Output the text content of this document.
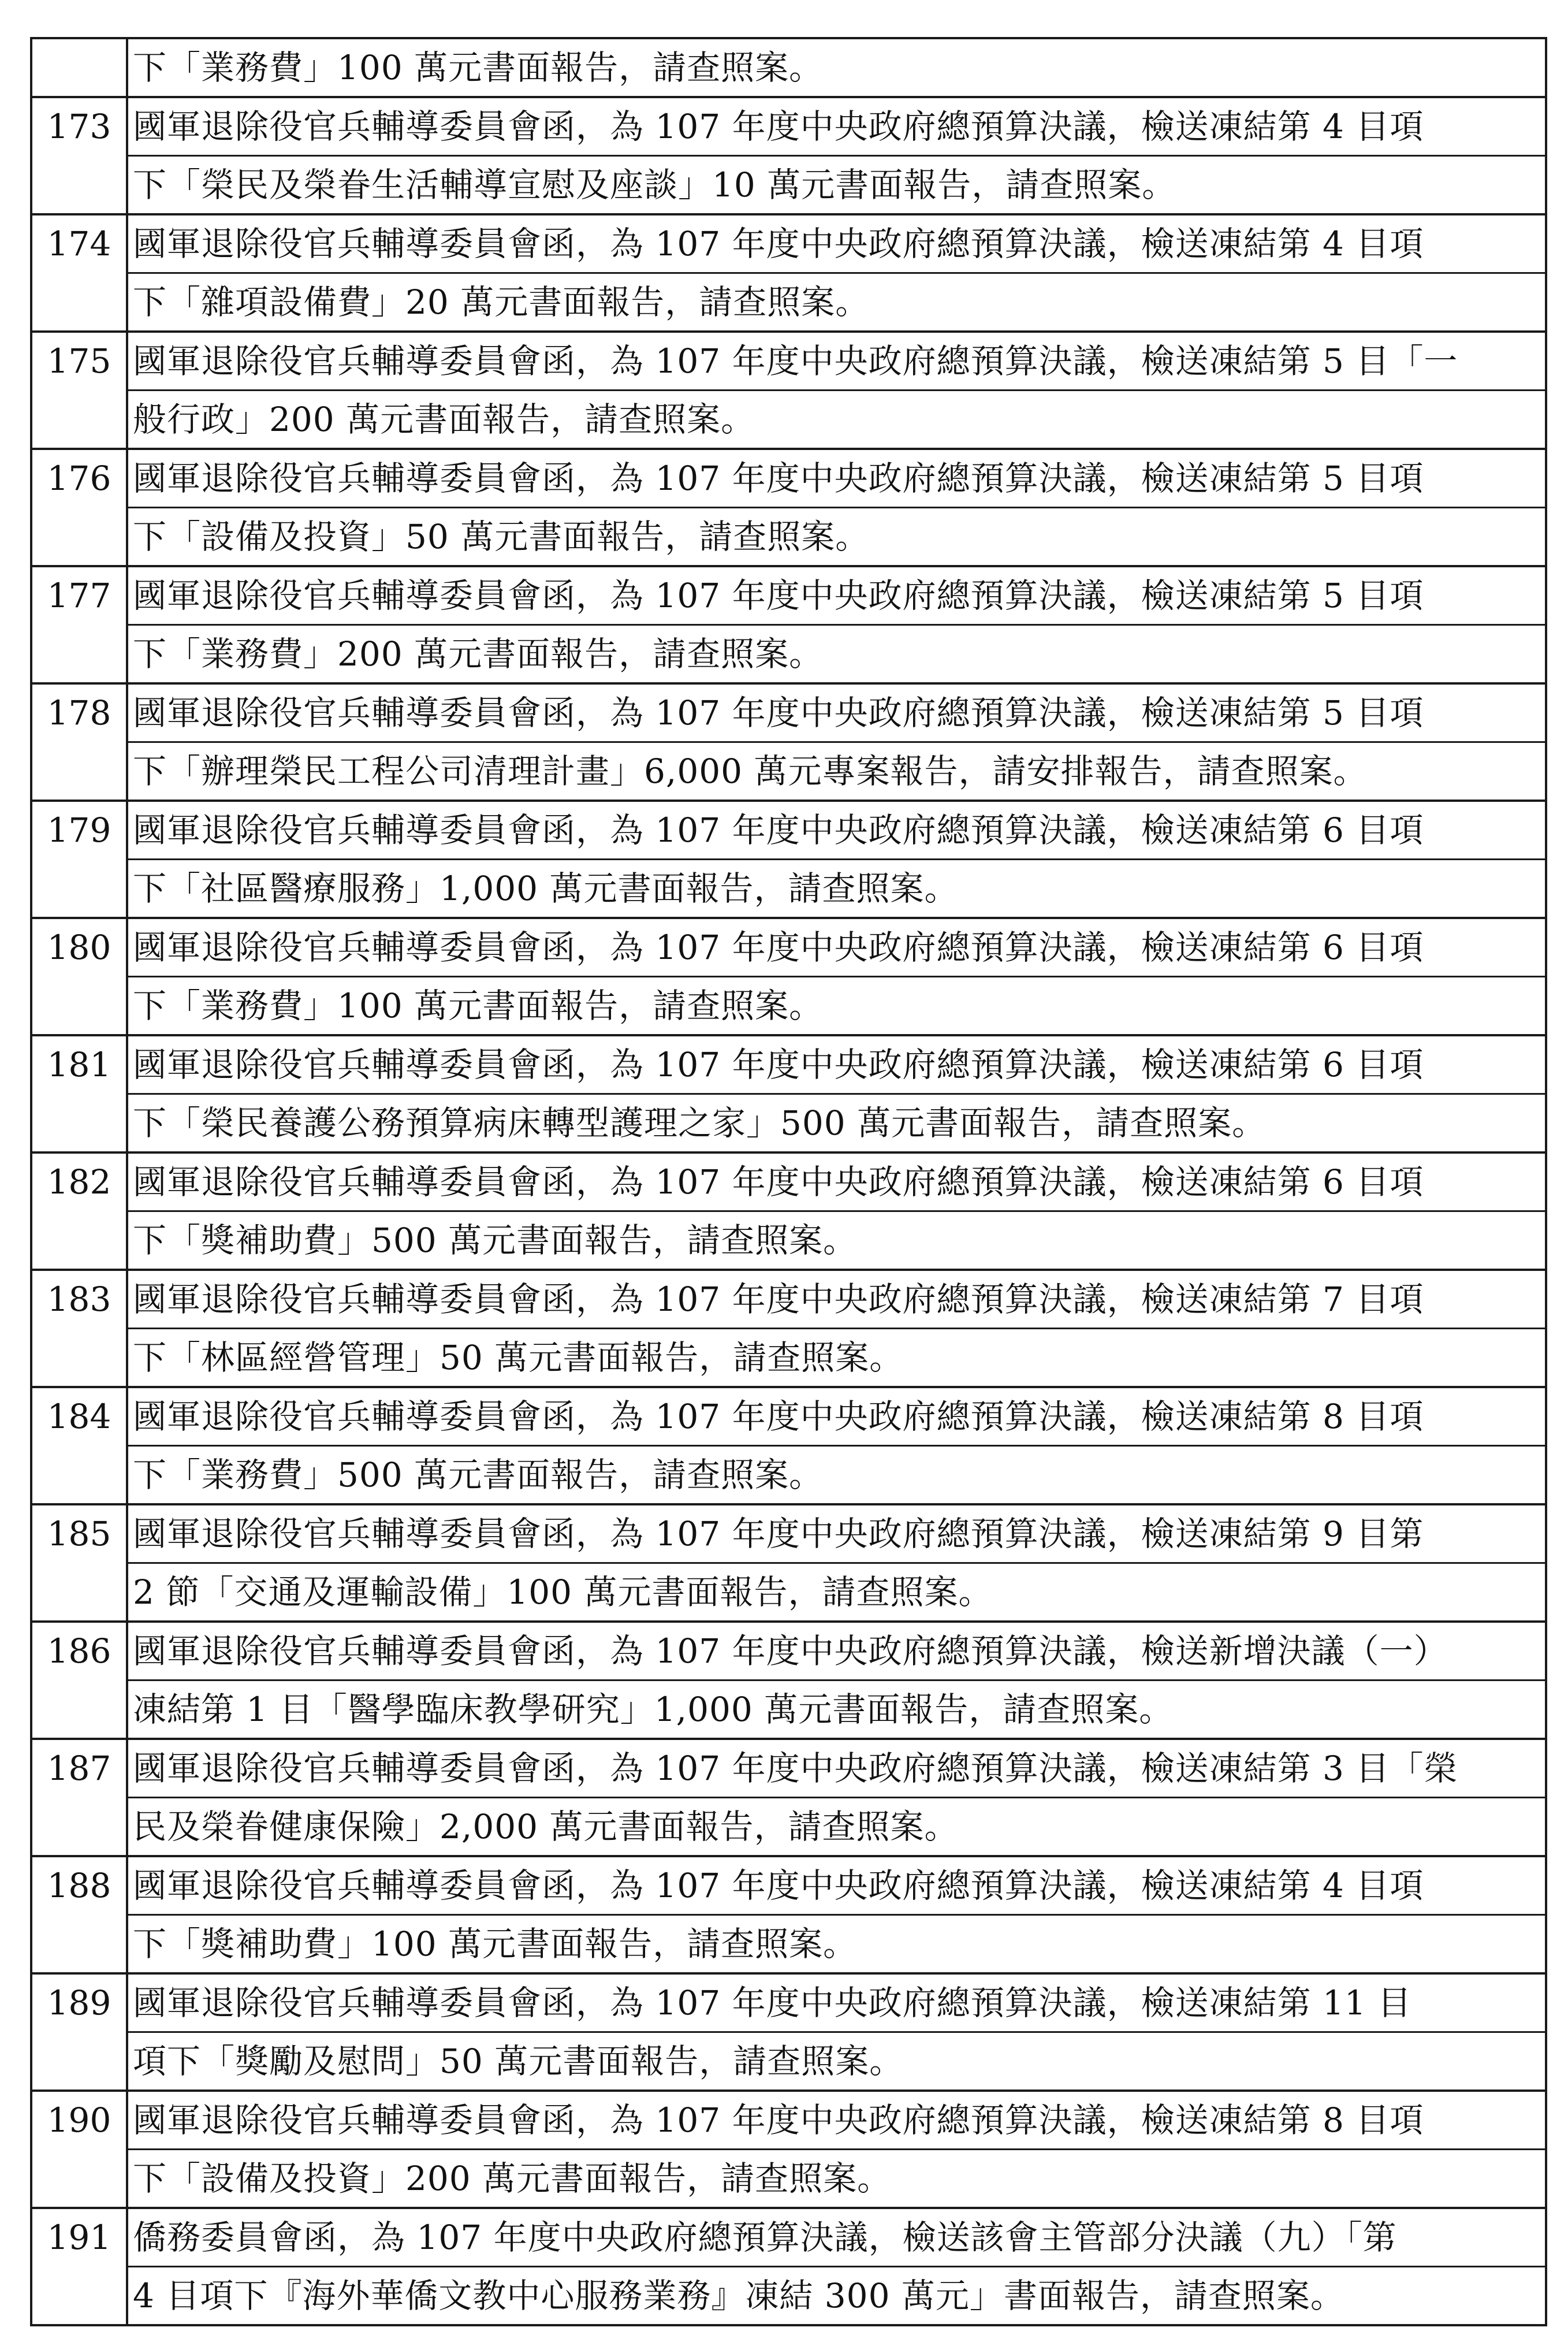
	下「業務費」100 萬元書面報告，請查照案。

173	國軍退除役官兵輔導委員會函，為 107 年度中央政府總預算決議，檢送凍結第 4 目項
下「榮民及榮眷生活輔導宣慰及座談」10 萬元書面報告，請查照案。

174	國軍退除役官兵輔導委員會函，為 107 年度中央政府總預算決議，檢送凍結第 4 目項
下「雜項設備費」20 萬元書面報告，請查照案。

175	國軍退除役官兵輔導委員會函，為 107 年度中央政府總預算決議，檢送凍結第 5 目「一
般行政」200 萬元書面報告，請查照案。

176	國軍退除役官兵輔導委員會函，為 107 年度中央政府總預算決議，檢送凍結第 5 目項
下「設備及投資」50 萬元書面報告，請查照案。

177	國軍退除役官兵輔導委員會函，為 107 年度中央政府總預算決議，檢送凍結第 5 目項
下「業務費」200 萬元書面報告，請查照案。

178	國軍退除役官兵輔導委員會函，為 107 年度中央政府總預算決議，檢送凍結第 5 目項
下「辦理榮民工程公司清理計畫」6,000 萬元專案報告，請安排報告，請查照案。

179	國軍退除役官兵輔導委員會函，為 107 年度中央政府總預算決議，檢送凍結第 6 目項
下「社區醫療服務」1,000 萬元書面報告，請查照案。

180	國軍退除役官兵輔導委員會函，為 107 年度中央政府總預算決議，檢送凍結第 6 目項
下「業務費」100 萬元書面報告，請查照案。

181	國軍退除役官兵輔導委員會函，為 107 年度中央政府總預算決議，檢送凍結第 6 目項
下「榮民養護公務預算病床轉型護理之家」500 萬元書面報告，請查照案。

182	國軍退除役官兵輔導委員會函，為 107 年度中央政府總預算決議，檢送凍結第 6 目項
下「獎補助費」500 萬元書面報告，請查照案。

183	國軍退除役官兵輔導委員會函，為 107 年度中央政府總預算決議，檢送凍結第 7 目項
下「林區經營管理」50 萬元書面報告，請查照案。

184	國軍退除役官兵輔導委員會函，為 107 年度中央政府總預算決議，檢送凍結第 8 目項
下「業務費」500 萬元書面報告，請查照案。

185	國軍退除役官兵輔導委員會函，為 107 年度中央政府總預算決議，檢送凍結第 9 目第
2 節「交通及運輸設備」100 萬元書面報告，請查照案。

186	國軍退除役官兵輔導委員會函，為 107 年度中央政府總預算決議，檢送新增決議（一）
凍結第 1 目「醫學臨床教學研究」1,000 萬元書面報告，請查照案。

187	國軍退除役官兵輔導委員會函，為 107 年度中央政府總預算決議，檢送凍結第 3 目「榮
民及榮眷健康保險」2,000 萬元書面報告，請查照案。

188	國軍退除役官兵輔導委員會函，為 107 年度中央政府總預算決議，檢送凍結第 4 目項
下「獎補助費」100 萬元書面報告，請查照案。

189	國軍退除役官兵輔導委員會函，為 107 年度中央政府總預算決議，檢送凍結第 11 目
項下「獎勵及慰問」50 萬元書面報告，請查照案。

190	國軍退除役官兵輔導委員會函，為 107 年度中央政府總預算決議，檢送凍結第 8 目項
下「設備及投資」200 萬元書面報告，請查照案。

191	僑務委員會函，為 107 年度中央政府總預算決議，檢送該會主管部分決議（九）「第
4 目項下『海外華僑文教中心服務業務』凍結 300 萬元」書面報告，請查照案。
